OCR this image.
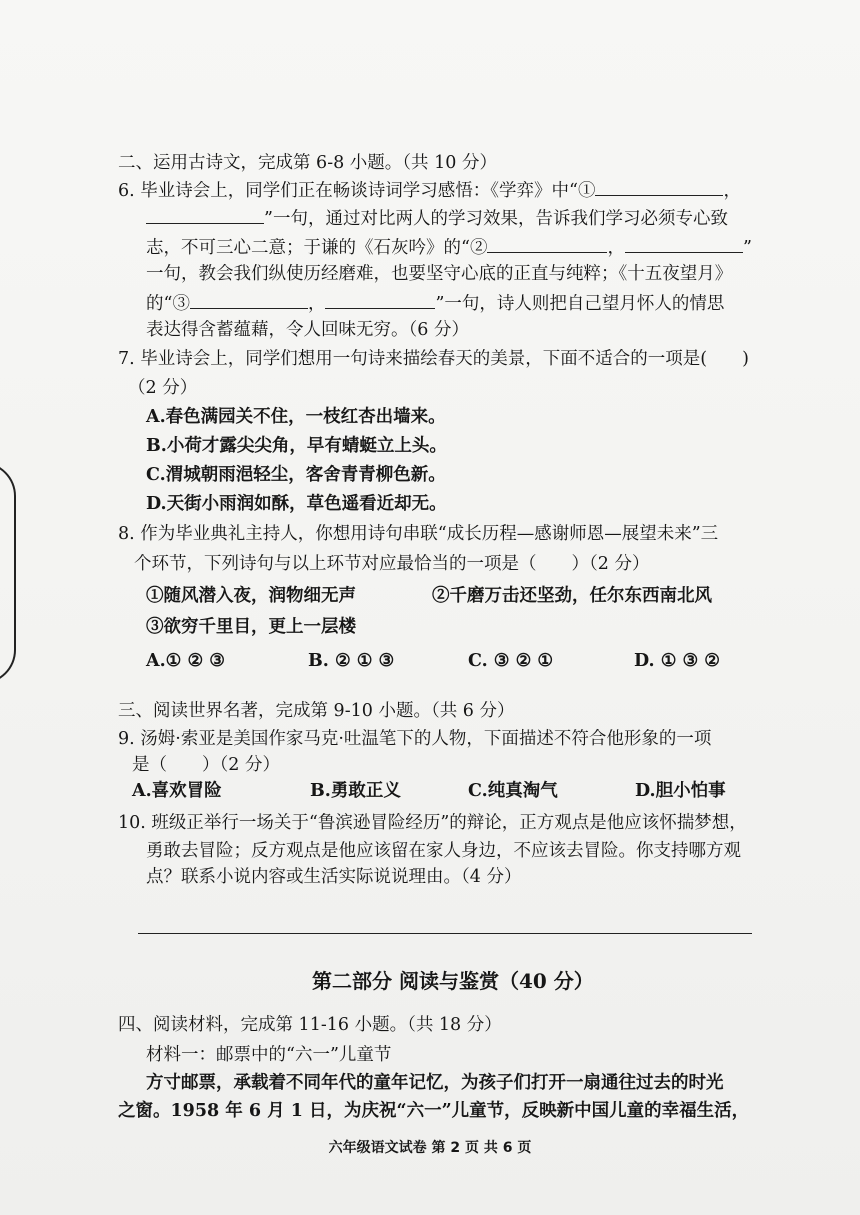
二、运用古诗文，完成第 6-8 小题。（共 10 分）
6. 毕业诗会上，同学们正在畅谈诗词学习感悟：《学弈》中“①	，
”一句，通过对比两人的学习效果，告诉我们学习必须专心致
志，不可三心二意；于谦的《石灰吟》的“②	，	”
一句，教会我们纵使历经磨难，也要坚守心底的正直与纯粹；《十五夜望月》
的“③	，	”一句，诗人则把自己望月怀人的情思
表达得含蓄蕴藉，令人回味无穷。（6 分）
7. 毕业诗会上，同学们想用一句诗来描绘春天的美景，下面不适合的一项是(　　)
（2 分）
A.春色满园关不住，一枝红杏出墙来。
B.小荷才露尖尖角，早有蜻蜓立上头。
C.渭城朝雨浥轻尘，客舍青青柳色新。
D.天街小雨润如酥，草色遥看近却无。
8. 作为毕业典礼主持人，你想用诗句串联“成长历程—感谢师恩—展望未来”三
个环节，下列诗句与以上环节对应最恰当的一项是（　　）（2 分）
①随风潜入夜，润物细无声	②千磨万击还坚劲，任尔东西南北风
③欲穷千里目，更上一层楼
A.① ② ③	B. ② ① ③	C. ③ ② ①	D. ① ③ ②
三、阅读世界名著，完成第 9-10 小题。（共 6 分）
9. 汤姆·索亚是美国作家马克·吐温笔下的人物，下面描述不符合他形象的一项
是（　　）（2 分）
A.喜欢冒险	B.勇敢正义	C.纯真淘气	D.胆小怕事
10. 班级正举行一场关于“鲁滨逊冒险经历”的辩论，正方观点是他应该怀揣梦想，
勇敢去冒险；反方观点是他应该留在家人身边，不应该去冒险。你支持哪方观
点？联系小说内容或生活实际说说理由。（4 分）
第二部分 阅读与鉴赏（40 分）
四、阅读材料，完成第 11-16 小题。（共 18 分）
材料一：邮票中的“六一”儿童节
方寸邮票，承载着不同年代的童年记忆，为孩子们打开一扇通往过去的时光
之窗。1958 年 6 月 1 日，为庆祝“六一”儿童节，反映新中国儿童的幸福生活，
六年级语文试卷 第 2 页 共 6 页
